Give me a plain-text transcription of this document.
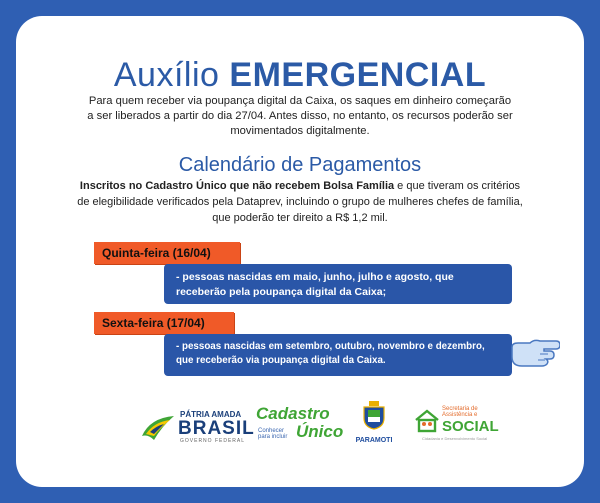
Auxílio EMERGENCIAL
Para quem receber via poupança digital da Caixa, os saques em dinheiro começarão a ser liberados a partir do dia 27/04. Antes disso, no entanto, os recursos poderão ser movimentados digitalmente.
Calendário de Pagamentos
Inscritos no Cadastro Único que não recebem Bolsa Família e que tiveram os critérios de elegibilidade verificados pela Dataprev, incluindo o grupo de mulheres chefes de família, que poderão ter direito a R$ 1,2 mil.
Quinta-feira (16/04)
- pessoas nascidas em maio, junho, julho e agosto, que receberão pela poupança digital da Caixa;
Sexta-feira (17/04)
- pessoas nascidas em setembro, outubro, novembro e dezembro, que receberão via poupança digital da Caixa.
PÁTRIA AMADA
BRASIL
GOVERNO FEDERAL
Cadastro
Conhecer para incluir Único PARAMOTI
Secretaria de
Assistência e
SOCIAL
Cidadania e Desenvolvimento Social
